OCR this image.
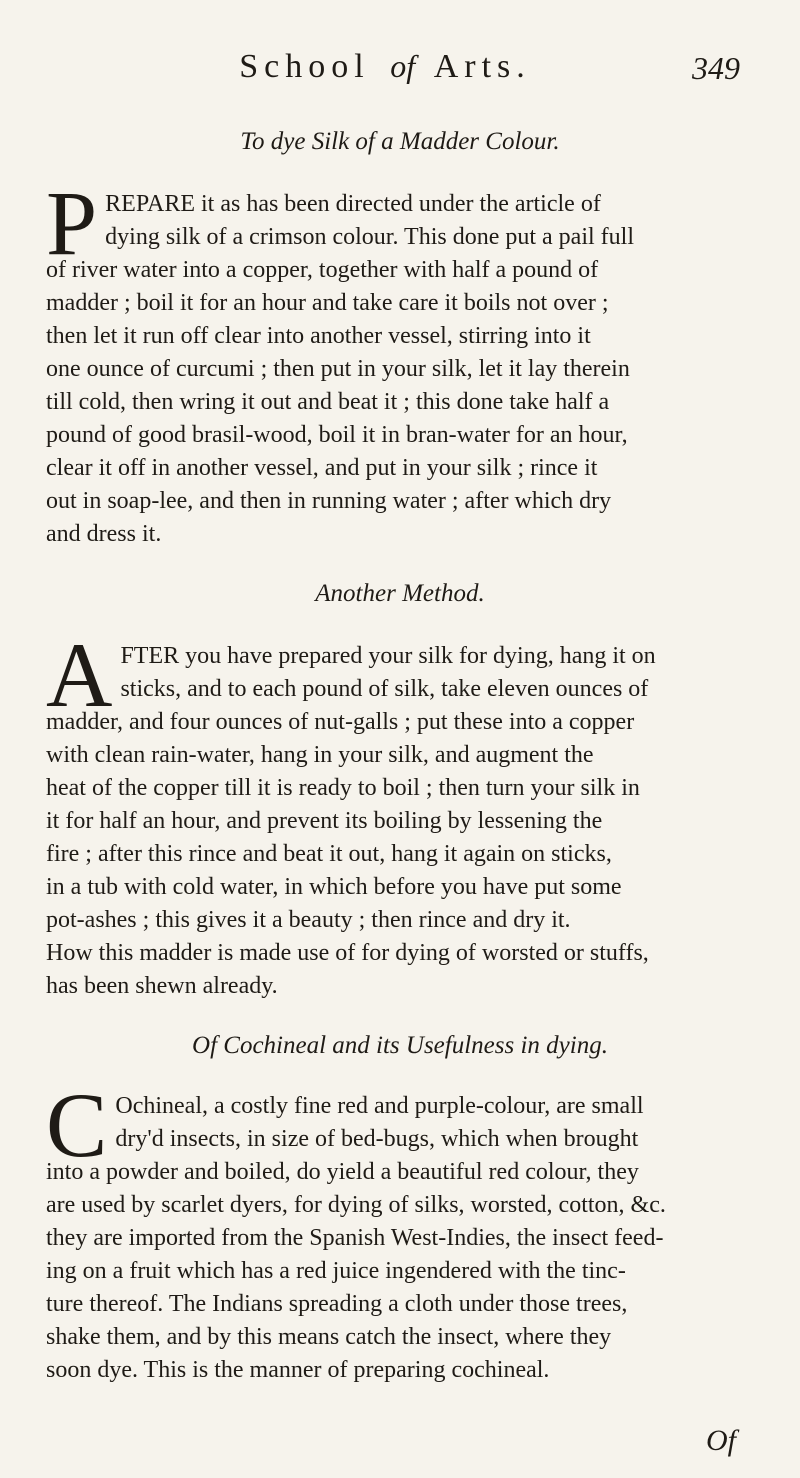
School of Arts.	349
To dye Silk of a Madder Colour.
P REPARE it as has been directed under the article of
dying silk of a crimson colour. This done put a pail full
of river water into a copper, together with half a pound of
madder ; boil it for an hour and take care it boils not over ;
then let it run off clear into another vessel, stirring into it
one ounce of curcumi ; then put in your silk, let it lay therein
till cold, then wring it out and beat it ; this done take half a
pound of good brasil-wood, boil it in bran-water for an hour,
clear it off in another vessel, and put in your silk ; rince it
out in soap-lee, and then in running water ; after which dry
and dress it.
Another Method.
A FTER you have prepared your silk for dying, hang it on
sticks, and to each pound of silk, take eleven ounces of
madder, and four ounces of nut-galls ; put these into a copper
with clean rain-water, hang in your silk, and augment the
heat of the copper till it is ready to boil ; then turn your silk in
it for half an hour, and prevent its boiling by lessening the
fire ; after this rince and beat it out, hang it again on sticks,
in a tub with cold water, in which before you have put some
pot-ashes ; this gives it a beauty ; then rince and dry it.
How this madder is made use of for dying of worsted or stuffs,
has been shewn already.
Of Cochineal and its Usefulness in dying.
C Ochineal, a costly fine red and purple-colour, are small
dry'd insects, in size of bed-bugs, which when brought
into a powder and boiled, do yield a beautiful red colour, they
are used by scarlet dyers, for dying of silks, worsted, cotton, &c.
they are imported from the Spanish West-Indies, the insect feed-
ing on a fruit which has a red juice ingendered with the tinc-
ture thereof. The Indians spreading a cloth under those trees,
shake them, and by this means catch the insect, where they
soon dye. This is the manner of preparing cochineal.
Of
